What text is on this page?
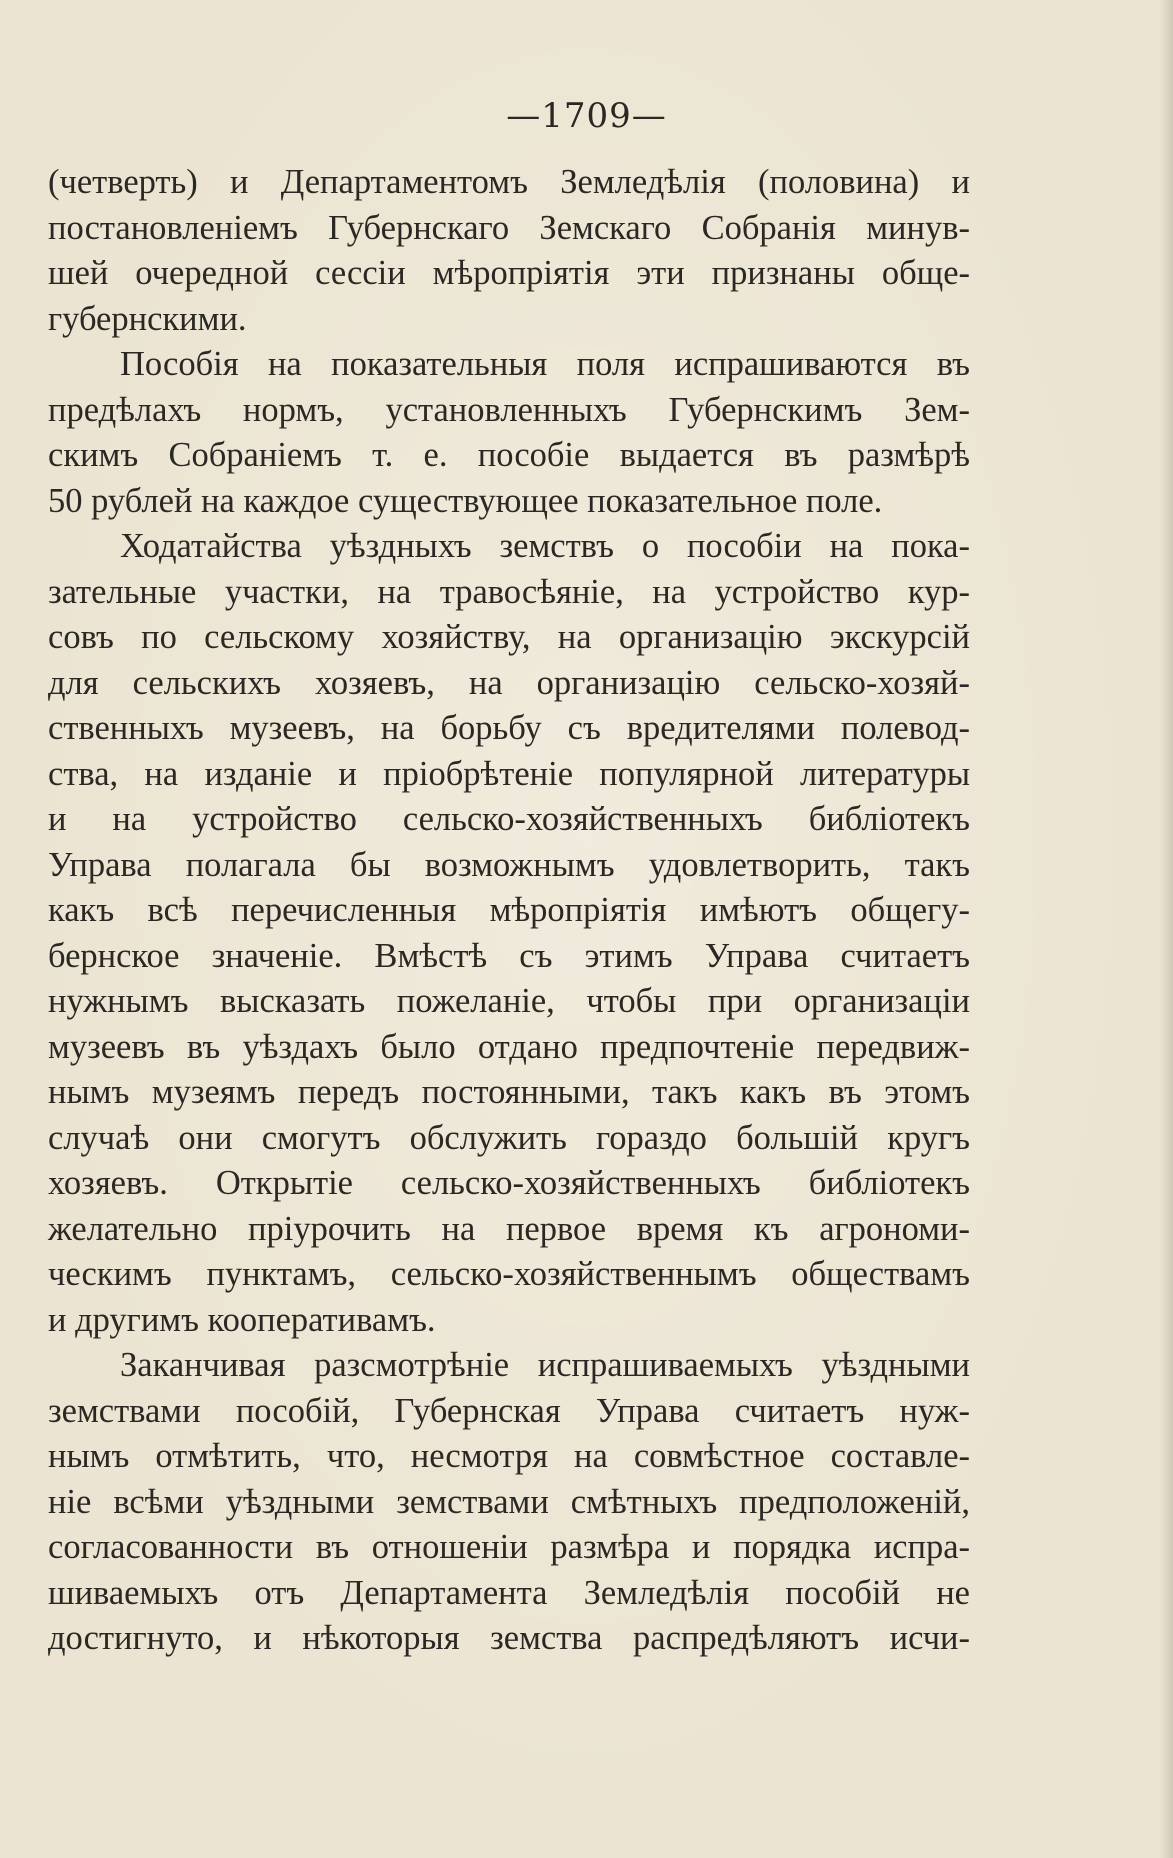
—1709—
(четверть) и Департаментомъ Земледѣлія (половина) и
постановленіемъ Губернскаго Земскаго Собранія минув-
шей очередной сессіи мѣропріятія эти признаны обще-
губернскими.
Пособія на показательныя поля испрашиваются въ
предѣлахъ нормъ, установленныхъ Губернскимъ Зем-
скимъ Собраніемъ т. е. пособіе выдается въ размѣрѣ
50 рублей на каждое существующее показательное поле.
Ходатайства уѣздныхъ земствъ о пособіи на пока-
зательные участки, на травосѣяніе, на устройство кур-
совъ по сельскому хозяйству, на организацію экскурсій
для сельскихъ хозяевъ, на организацію сельско-хозяй-
ственныхъ музеевъ, на борьбу съ вредителями полевод-
ства, на изданіе и пріобрѣтеніе популярной литературы
и на устройство сельско-хозяйственныхъ библіотекъ
Управа полагала бы возможнымъ удовлетворить, такъ
какъ всѣ перечисленныя мѣропріятія имѣютъ общегу-
бернское значеніе. Вмѣстѣ съ этимъ Управа считаетъ
нужнымъ высказать пожеланіе, чтобы при организаціи
музеевъ въ уѣздахъ было отдано предпочтеніе передвиж-
нымъ музеямъ передъ постоянными, такъ какъ въ этомъ
случаѣ они смогутъ обслужить гораздо большій кругъ
хозяевъ. Открытіе сельско-хозяйственныхъ библіотекъ
желательно пріурочить на первое время къ агрономи-
ческимъ пунктамъ, сельско-хозяйственнымъ обществамъ
и другимъ кооперативамъ.
Заканчивая разсмотрѣніе испрашиваемыхъ уѣздными
земствами пособій, Губернская Управа считаетъ нуж-
нымъ отмѣтить, что, несмотря на совмѣстное составле-
ніе всѣми уѣздными земствами смѣтныхъ предположеній,
согласованности въ отношеніи размѣра и порядка испра-
шиваемыхъ отъ Департамента Земледѣлія пособій не
достигнуто, и нѣкоторыя земства распредѣляютъ исчи-
